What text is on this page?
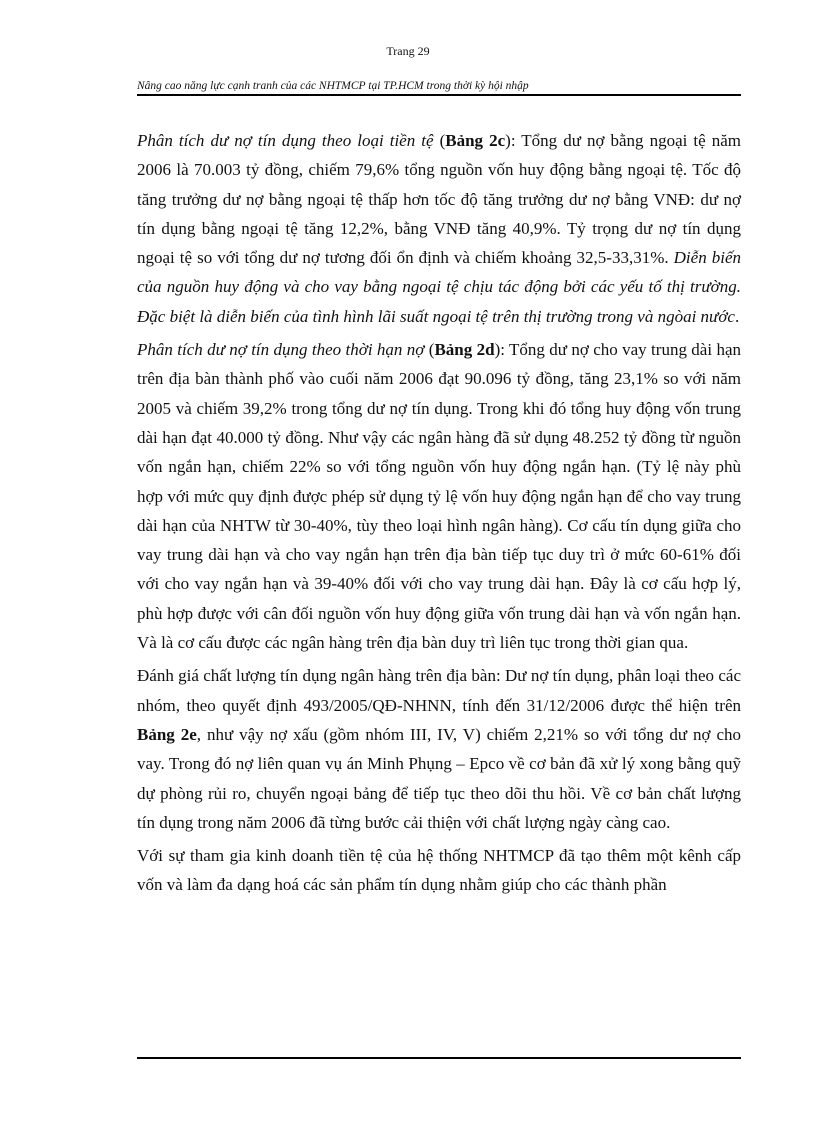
Trang 29
Nâng cao năng lực cạnh tranh của các NHTMCP tại TP.HCM trong thời kỳ hội nhập

Phân tích dư nợ tín dụng theo loại tiền tệ (Bảng 2c): Tổng dư nợ bằng ngoại tệ năm 2006 là 70.003 tỷ đồng, chiếm 79,6% tổng nguồn vốn huy động bằng ngoại tệ. Tốc độ tăng trưởng dư nợ bằng ngoại tệ thấp hơn tốc độ tăng trưởng dư nợ bằng VNĐ: dư nợ tín dụng bằng ngoại tệ tăng 12,2%, bằng VNĐ tăng 40,9%. Tỷ trọng dư nợ tín dụng ngoại tệ so với tổng dư nợ tương đối ổn định và chiếm khoảng 32,5-33,31%. Diễn biến của nguồn huy động và cho vay bằng ngoại tệ chịu tác động bởi các yếu tố thị trường. Đặc biệt là diễn biến của tình hình lãi suất ngoại tệ trên thị trường trong và ngòai nước.

Phân tích dư nợ tín dụng theo thời hạn nợ (Bảng 2d): Tổng dư nợ cho vay trung dài hạn trên địa bàn thành phố vào cuối năm 2006 đạt 90.096 tỷ đồng, tăng 23,1% so với năm 2005 và chiếm 39,2% trong tổng dư nợ tín dụng. Trong khi đó tổng huy động vốn trung dài hạn đạt 40.000 tỷ đồng. Như vậy các ngân hàng đã sử dụng 48.252 tỷ đồng từ nguồn vốn ngắn hạn, chiếm 22% so với tổng nguồn vốn huy động ngắn hạn. (Tỷ lệ này phù hợp với mức quy định được phép sử dụng tỷ lệ vốn huy động ngắn hạn để cho vay trung dài hạn của NHTW từ 30-40%, tùy theo loại hình ngân hàng). Cơ cấu tín dụng giữa cho vay trung dài hạn và cho vay ngắn hạn trên địa bàn tiếp tục duy trì ở mức 60-61% đối với cho vay ngắn hạn và 39-40% đối với cho vay trung dài hạn. Đây là cơ cấu hợp lý, phù hợp được với cân đối nguồn vốn huy động giữa vốn trung dài hạn và vốn ngắn hạn. Và là cơ cấu được các ngân hàng trên địa bàn duy trì liên tục trong thời gian qua.

Đánh giá chất lượng tín dụng ngân hàng trên địa bàn: Dư nợ tín dụng, phân loại theo các nhóm, theo quyết định 493/2005/QĐ-NHNN, tính đến 31/12/2006 được thể hiện trên Bảng 2e, như vậy nợ xấu (gồm nhóm III, IV, V) chiếm 2,21% so với tổng dư nợ cho vay. Trong đó nợ liên quan vụ án Minh Phụng – Epco về cơ bản đã xử lý xong bằng quỹ dự phòng rủi ro, chuyển ngoại bảng để tiếp tục theo dõi thu hồi. Về cơ bản chất lượng tín dụng trong năm 2006 đã từng bước cải thiện với chất lượng ngày càng cao.

Với sự tham gia kinh doanh tiền tệ của hệ thống NHTMCP đã tạo thêm một kênh cấp vốn và làm đa dạng hoá các sản phẩm tín dụng nhằm giúp cho các thành phần
